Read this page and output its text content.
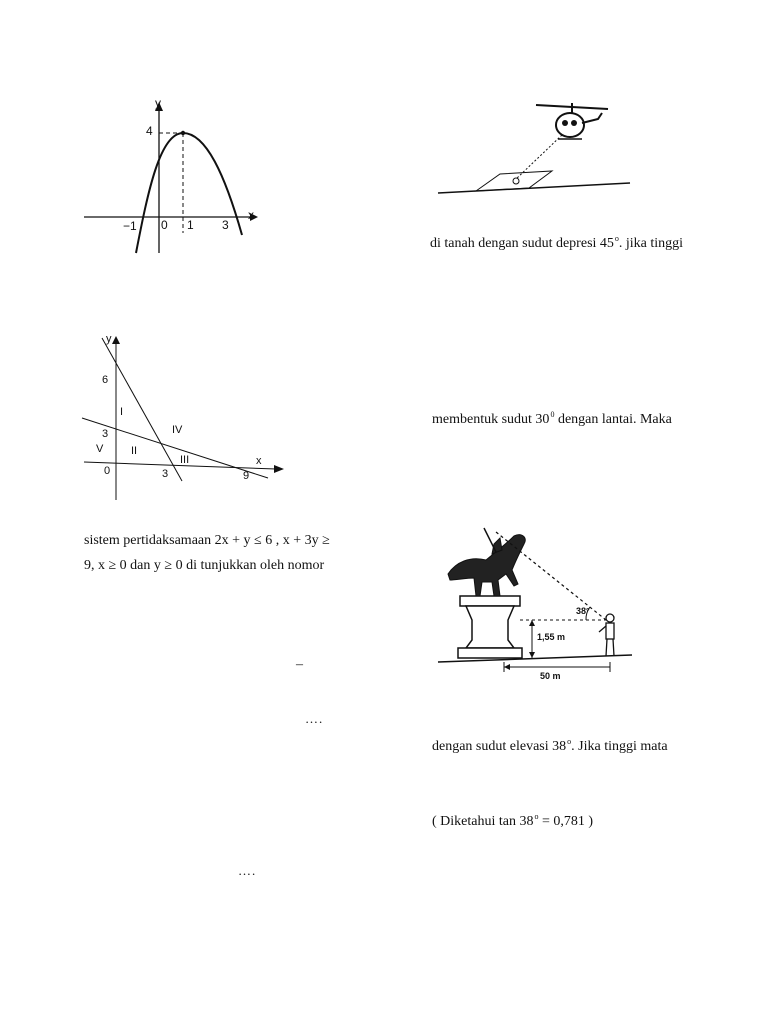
y
x
4
−1 0 1 3
di tanah dengan sudut depresi 45$^o$. jika tinggi
y
x
6
3
0	3	9
I
II
III
IV
V
membentuk sudut $30^0$ dengan lantai. Maka
sistem pertidaksamaan 2x + y ≤ 6 , x + 3y ≥
9, x ≥ 0 dan y ≥ 0 di tunjukkan oleh nomor
38°
1,55 m
50 m
–
….
dengan sudut elevasi 38$^o$. Jika tinggi mata
( Diketahui $\tan 38^o = 0,781$ )
….
